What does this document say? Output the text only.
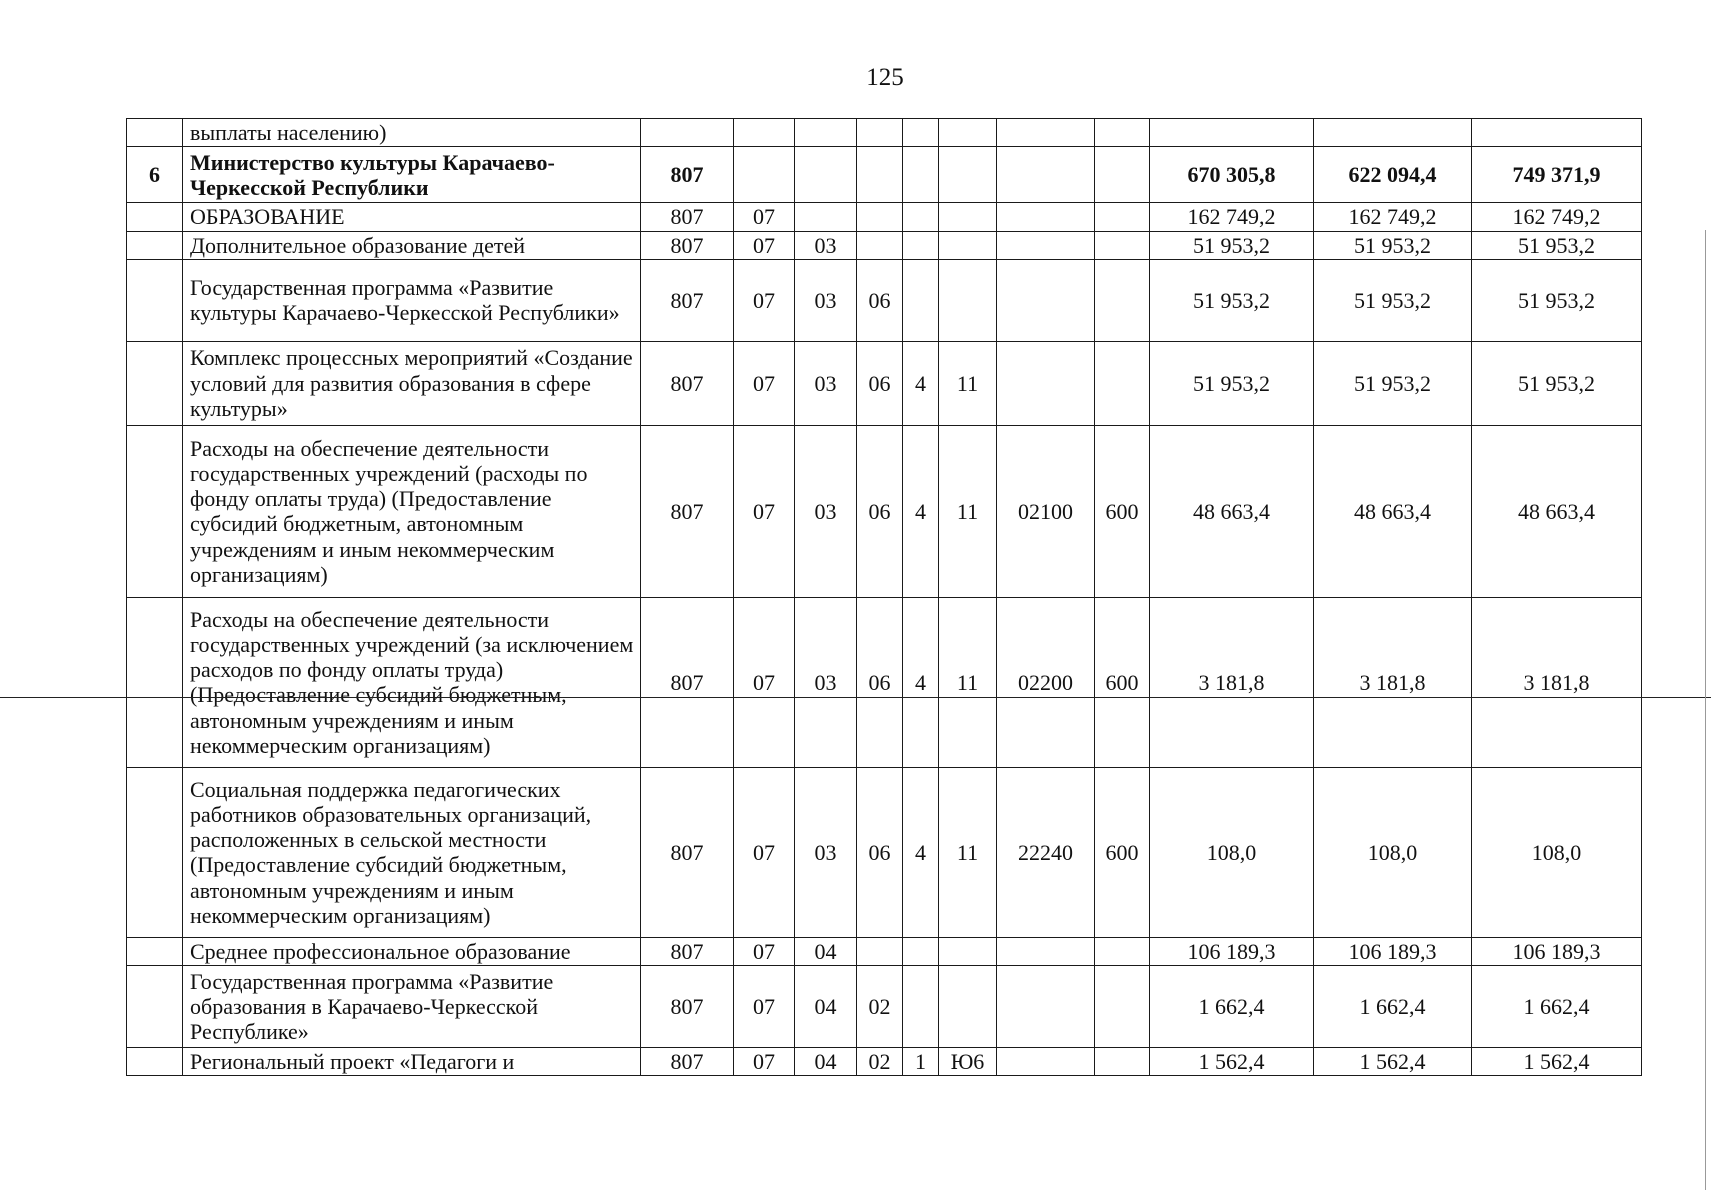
125
	выплаты населению)											
6	Министерство культуры Карачаево-Черкесской Республики	807								670 305,8	622 094,4	749 371,9
	ОБРАЗОВАНИЕ	807	07							162 749,2	162 749,2	162 749,2
	Дополнительное образование детей	807	07	03						51 953,2	51 953,2	51 953,2
	Государственная программа «Развитие культуры Карачаево-Черкесской Республики»	807	07	03	06					51 953,2	51 953,2	51 953,2
	Комплекс процессных мероприятий «Создание условий для развития образования в сфере культуры»	807	07	03	06	4	11			51 953,2	51 953,2	51 953,2
	Расходы на обеспечение деятельности государственных учреждений (расходы по фонду оплаты труда) (Предоставление субсидий бюджетным, автономным учреждениям и иным некоммерческим организациям)	807	07	03	06	4	11	02100	600	48 663,4	48 663,4	48 663,4
	Расходы на обеспечение деятельности государственных учреждений (за исключением расходов по фонду оплаты труда) (Предоставление субсидий бюджетным, автономным учреждениям и иным некоммерческим организациям)	807	07	03	06	4	11	02200	600	3 181,8	3 181,8	3 181,8
	Социальная поддержка педагогических работников образовательных организаций, расположенных в сельской местности (Предоставление субсидий бюджетным, автономным учреждениям и иным некоммерческим организациям)	807	07	03	06	4	11	22240	600	108,0	108,0	108,0
	Среднее профессиональное образование	807	07	04						106 189,3	106 189,3	106 189,3
	Государственная программа «Развитие образования в Карачаево-Черкесской Республике»	807	07	04	02					1 662,4	1 662,4	1 662,4
	Региональный проект «Педагоги и	807	07	04	02	1	Ю6			1 562,4	1 562,4	1 562,4
